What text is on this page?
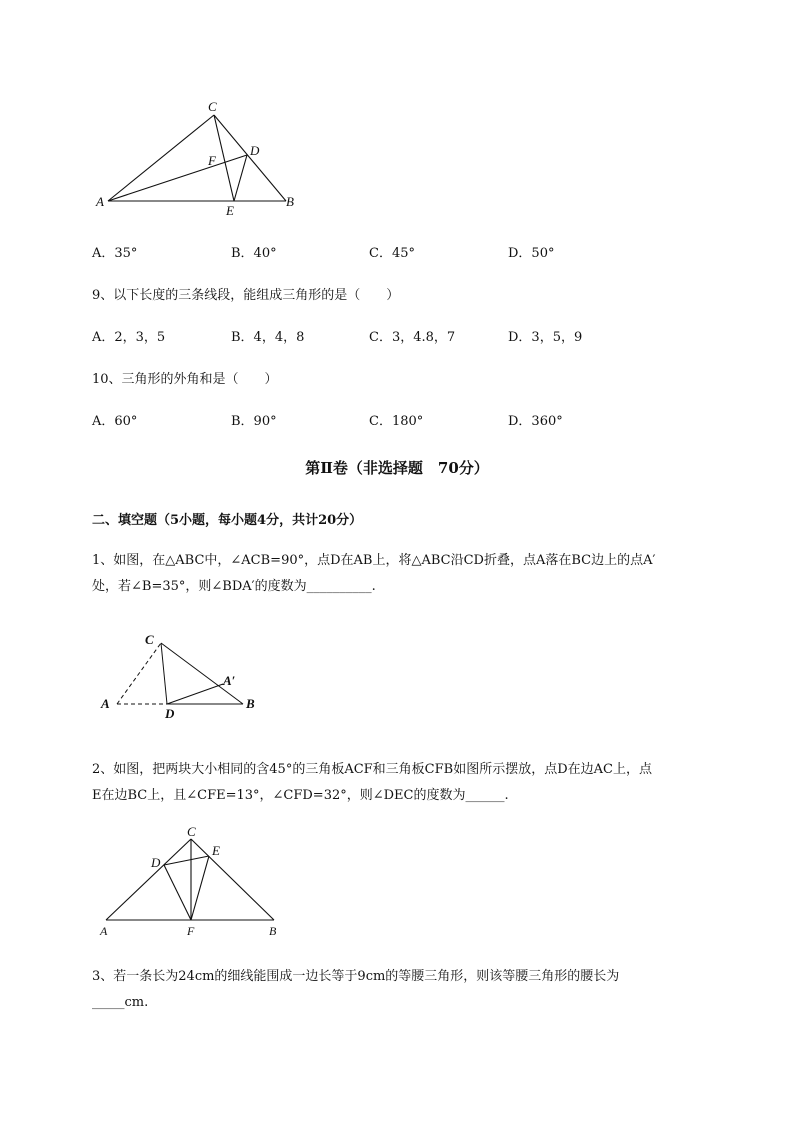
C
D
F
A
E
B
A．35°	B．40°	C．45°	D．50°
9、以下长度的三条线段，能组成三角形的是（　　）
A．2，3，5	B．4，4，8	C．3，4.8，7	D．3，5，9
10、三角形的外角和是（　　）
A．60°	B．90°	C．180°	D．360°
第Ⅱ卷（非选择题　70分）
二、填空题（5小题，每小题4分，共计20分）
1、如图，在△ABC中，∠ACB=90°，点D在AB上，将△ABC沿CD折叠，点A落在BC边上的点A′
处，若∠B=35°，则∠BDA′的度数为__________.
C
A′
A
D
B
2、如图，把两块大小相同的含45°的三角板ACF和三角板CFB如图所示摆放，点D在边AC上，点
E在边BC上，且∠CFE=13°，∠CFD=32°，则∠DEC的度数为______.
C
D
E
A	F	B
3、若一条长为24cm的细线能围成一边长等于9cm的等腰三角形，则该等腰三角形的腰长为
_____cm.
